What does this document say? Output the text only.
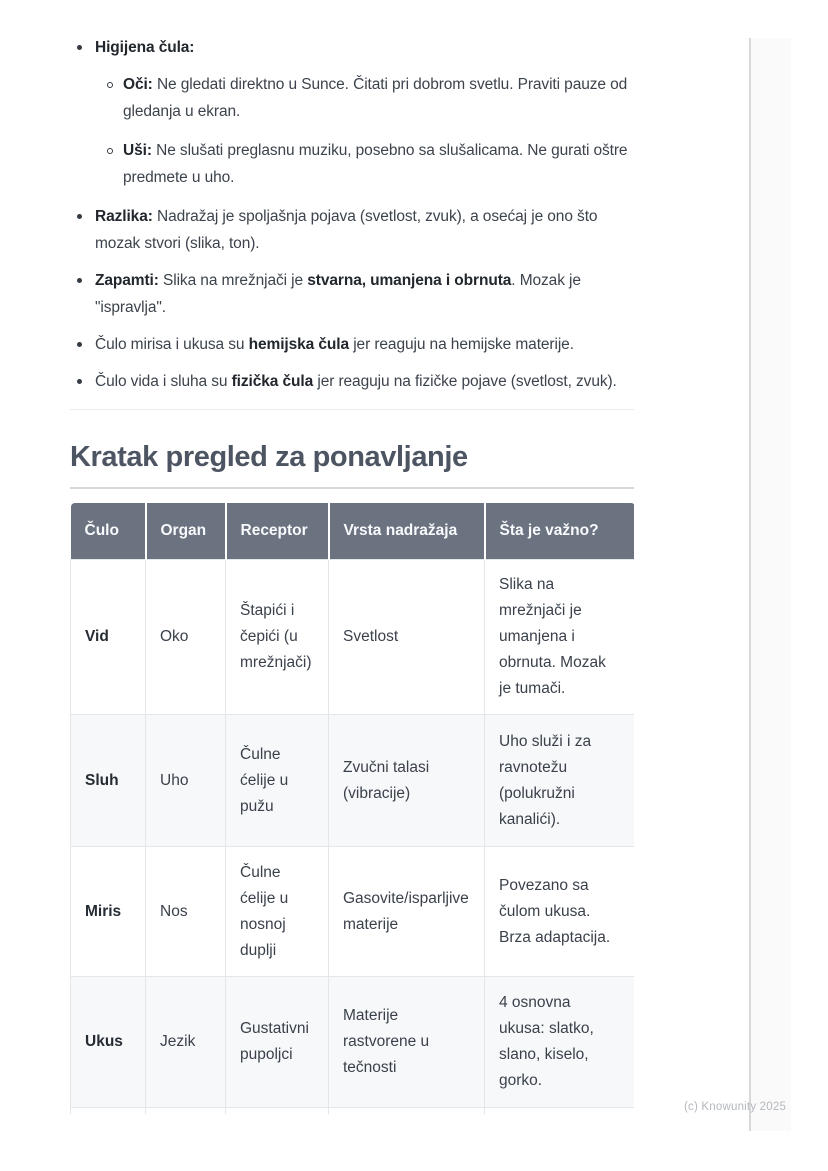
Higijena čula:
Oči: Ne gledati direktno u Sunce. Čitati pri dobrom svetlu. Praviti pauze od gledanja u ekran.
Uši: Ne slušati preglasnu muziku, posebno sa slušalicama. Ne gurati oštre predmete u uho.
Razlika: Nadražaj je spoljašnja pojava (svetlost, zvuk), a osećaj je ono što mozak stvori (slika, ton).
Zapamti: Slika na mrežnjači je stvarna, umanjena i obrnuta. Mozak je "ispravlja".
Čulo mirisa i ukusa su hemijska čula jer reaguju na hemijske materije.
Čulo vida i sluha su fizička čula jer reaguju na fizičke pojave (svetlost, zvuk).
Kratak pregled za ponavljanje
Čulo	Organ	Receptor	Vrsta nadražaja	Šta je važno?
Vid	Oko	Štapići i čepići (u mrežnjači)	Svetlost	Slika na mrežnjači je umanjena i obrnuta. Mozak je tumači.
Sluh	Uho	Čulne ćelije u pužu	Zvučni talasi (vibracije)	Uho služi i za ravnotežu (polukružni kanalići).
Miris	Nos	Čulne ćelije u nosnoj duplji	Gasovite/isparljive materije	Povezano sa čulom ukusa. Brza adaptacija.
Ukus	Jezik	Gustativni pupoljci	Materije rastvorene u tečnosti	4 osnovna ukusa: slatko, slano, kiselo, gorko.

(c) Knowunity 2025
